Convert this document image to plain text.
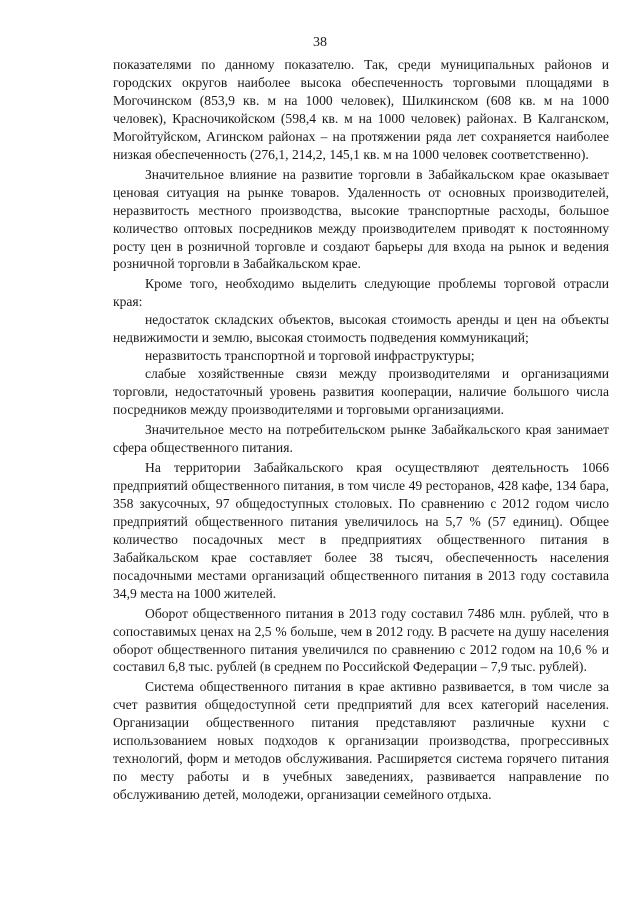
38

показателями по данному показателю. Так, среди муниципальных районов и городских округов наиболее высока обеспеченность торговыми площадями в Могочинском (853,9 кв. м на 1000 человек), Шилкинском (608 кв. м на 1000 человек), Красночикойском (598,4 кв. м на 1000 человек) районах. В Калганском, Могойтуйском, Агинском районах – на протяжении ряда лет сохраняется наиболее низкая обеспеченность (276,1, 214,2, 145,1 кв. м на 1000 человек соответственно).

Значительное влияние на развитие торговли в Забайкальском крае оказывает ценовая ситуация на рынке товаров. Удаленность от основных производителей, неразвитость местного производства, высокие транспортные расходы, большое количество оптовых посредников между производителем приводят к постоянному росту цен в розничной торговле и создают барьеры для входа на рынок и ведения розничной торговли в Забайкальском крае.

Кроме того, необходимо выделить следующие проблемы торговой отрасли края:

недостаток складских объектов, высокая стоимость аренды и цен на объекты недвижимости и землю, высокая стоимость подведения коммуникаций;

неразвитость транспортной и торговой инфраструктуры;

слабые хозяйственные связи между производителями и организациями торговли, недостаточный уровень развития кооперации, наличие большого числа посредников между производителями и торговыми организациями.

Значительное место на потребительском рынке Забайкальского края занимает сфера общественного питания.

На территории Забайкальского края осуществляют деятельность 1066 предприятий общественного питания, в том числе 49 ресторанов, 428 кафе, 134 бара, 358 закусочных, 97 общедоступных столовых. По сравнению с 2012 годом число предприятий общественного питания увеличилось на 5,7 % (57 единиц). Общее количество посадочных мест в предприятиях общественного питания в Забайкальском крае составляет более 38 тысяч, обеспеченность населения посадочными местами организаций общественного питания в 2013 году составила 34,9 места на 1000 жителей.

Оборот общественного питания в 2013 году составил 7486 млн. рублей, что в сопоставимых ценах на 2,5 % больше, чем в 2012 году. В расчете на душу населения оборот общественного питания увеличился по сравнению с 2012 годом на 10,6 % и составил 6,8 тыс. рублей (в среднем по Российской Федерации – 7,9 тыс. рублей).

Система общественного питания в крае активно развивается, в том числе за счет развития общедоступной сети предприятий для всех категорий населения. Организации общественного питания представляют различные кухни с использованием новых подходов к организации производства, прогрессивных технологий, форм и методов обслуживания. Расширяется система горячего питания по месту работы и в учебных заведениях, развивается направление по обслуживанию детей, молодежи, организации семейного отдыха.
